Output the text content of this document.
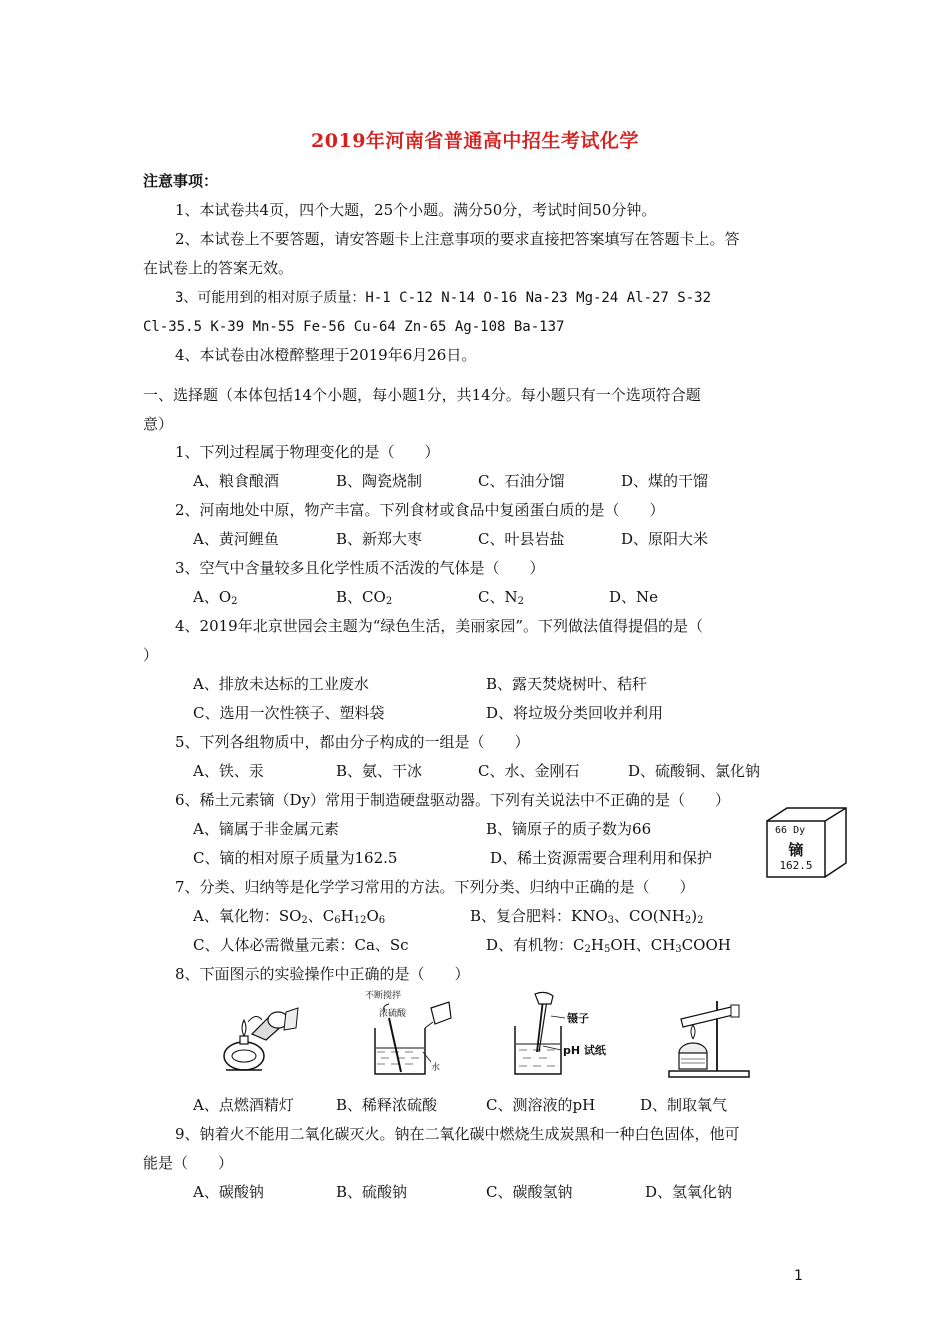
2019年河南省普通高中招生考试化学
注意事项：
1、本试卷共4页，四个大题，25个小题。满分50分，考试时间50分钟。
2、本试卷上不要答题，请安答题卡上注意事项的要求直接把答案填写在答题卡上。答
在试卷上的答案无效。
3、可能用到的相对原子质量：H-1 C-12 N-14 O-16 Na-23 Mg-24 Al-27 S-32
Cl-35.5 K-39 Mn-55 Fe-56 Cu-64 Zn-65 Ag-108 Ba-137
4、本试卷由冰橙醉整理于2019年6月26日。
一、选择题（本体包括14个小题，每小题1分，共14分。每小题只有一个选项符合题
意）
1、下列过程属于物理变化的是（　　）
A、粮食酿酒	B、陶瓷烧制	C、石油分馏	D、煤的干馏
2、河南地处中原，物产丰富。下列食材或食品中复函蛋白质的是（　　）
A、黄河鲤鱼	B、新郑大枣	C、叶县岩盐	D、原阳大米
3、空气中含量较多且化学性质不活泼的气体是（　　）
A、$O_2$	B、$CO_2$	C、$N_2$	D、Ne
4、2019年北京世园会主题为“绿色生活，美丽家园”。下列做法值得提倡的是（
）
A、排放未达标的工业废水	B、露天焚烧树叶、秸秆
C、选用一次性筷子、塑料袋	D、将垃圾分类回收并利用
5、下列各组物质中，都由分子构成的一组是（　　）
A、铁、汞	B、氨、干冰	C、水、金刚石	D、硫酸铜、氯化钠
6、稀土元素镝（Dy）常用于制造硬盘驱动器。下列有关说法中不正确的是（　　）
A、镝属于非金属元素	B、镝原子的质子数为66
C、镝的相对原子质量为162.5	D、稀土资源需要合理利用和保护
66 Dy
镝
162.5
7、分类、归纳等是化学学习常用的方法。下列分类、归纳中正确的是（　　）
A、氧化物：$SO_2$、$C_6H_{12}O_6$	B、复合肥料：$KNO_3$、$CO(NH_2)_2$
C、人体必需微量元素：Ca、Sc	D、有机物：$C_2H_5OH$、$CH_3COOH$
8、下面图示的实验操作中正确的是（　　）
不断搅拌
浓硫酸
水
镊子
pH 试纸
A、点燃酒精灯	B、稀释浓硫酸	C、测溶液的pH	D、制取氧气
9、钠着火不能用二氧化碳灭火。钠在二氧化碳中燃烧生成炭黑和一种白色固体，他可
能是（　　）
A、碳酸钠	B、硫酸钠	C、碳酸氢钠	D、氢氧化钠
1
